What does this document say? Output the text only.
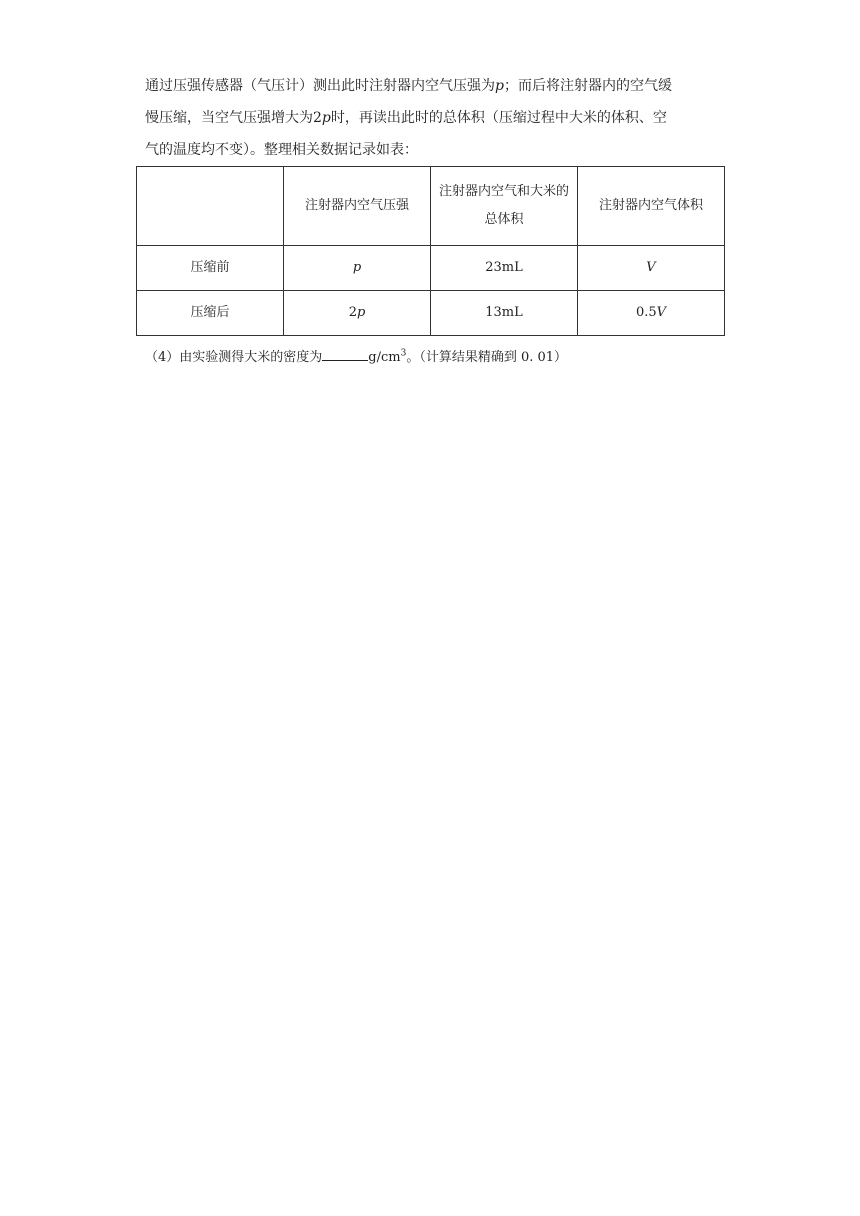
通过压强传感器（气压计）测出此时注射器内空气压强为p；而后将注射器内的空气缓
慢压缩，当空气压强增大为2p时，再读出此时的总体积（压缩过程中大米的体积、空
气的温度均不变）。整理相关数据记录如表：

	注射器内空气压强	注射器内空气和大米的总体积	注射器内空气体积
压缩前	p	23mL	V
压缩后	2p	13mL	0.5V
（4）由实验测得大米的密度为	$g/cm^3$。（计算结果精确到 0. 01）
